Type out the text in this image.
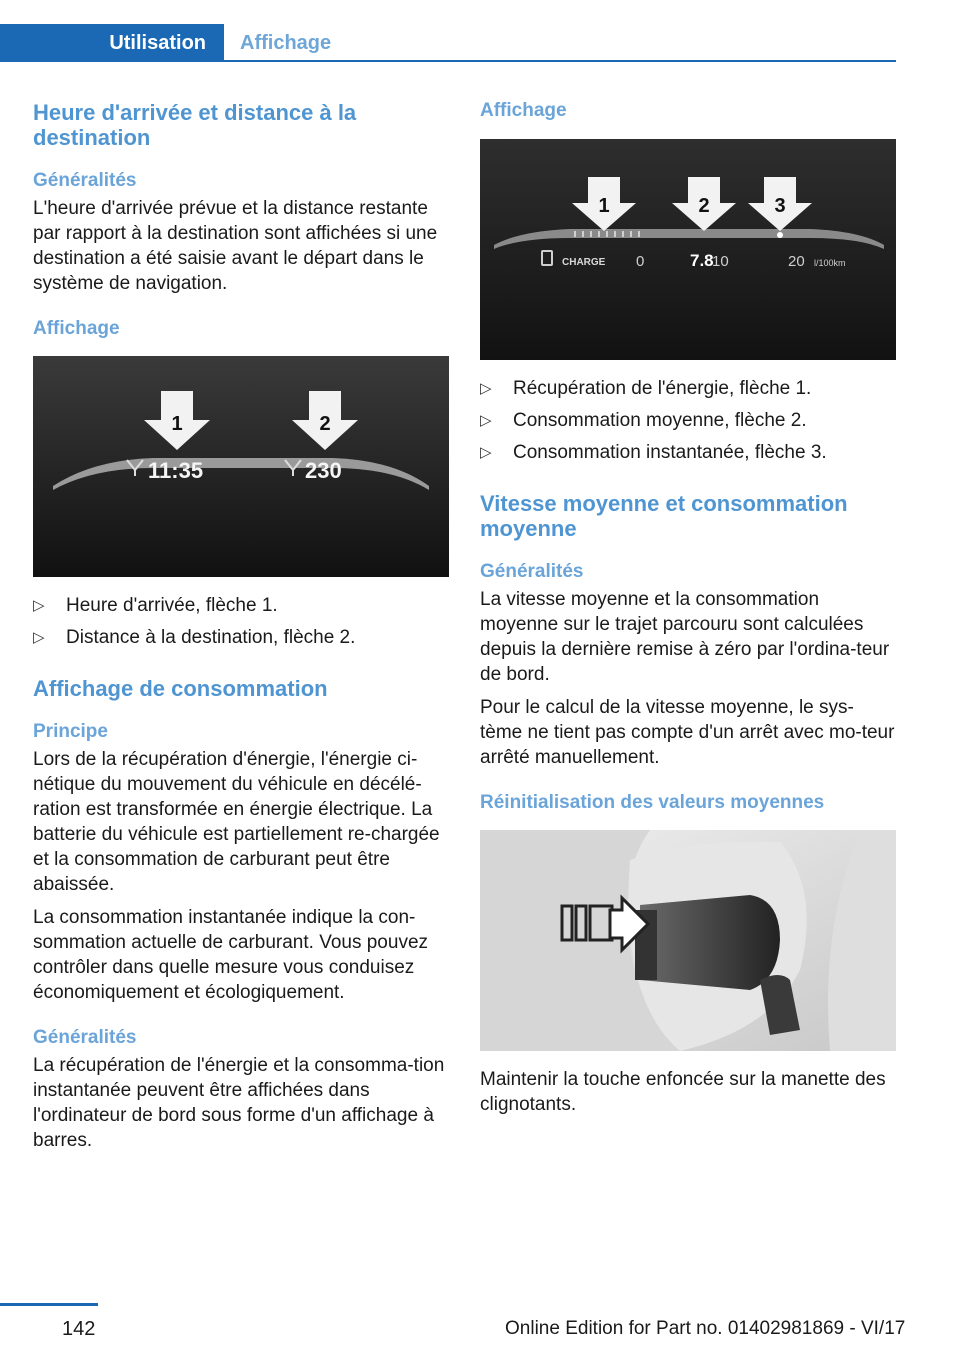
Utilisation	Affichage
Heure d'arrivée et distance à la destination
Généralités

L'heure d'arrivée prévue et la distance restante par rapport à la destination sont affichées si une destination a été saisie avant le départ dans le système de navigation.

Affichage
1	2
11:35	230
▷ Heure d'arrivée, flèche 1.
▷ Distance à la destination, flèche 2.
Affichage de consommation
Principe

Lors de la récupération d'énergie, l'énergie ci-nétique du mouvement du véhicule en décélé-ration est transformée en énergie électrique. La batterie du véhicule est partiellement re-chargée et la consommation de carburant peut être abaissée.

La consommation instantanée indique la con-sommation actuelle de carburant. Vous pouvez contrôler dans quelle mesure vous conduisez économiquement et écologiquement.

Généralités

La récupération de l'énergie et la consomma-tion instantanée peuvent être affichées dans l'ordinateur de bord sous forme d'un affichage à barres.

Affichage
1	2	3
CHARGE 0	7.8
10	20 l/100km
▷ Récupération de l'énergie, flèche 1.
▷ Consommation moyenne, flèche 2.
▷ Consommation instantanée, flèche 3.
Vitesse moyenne et consommation moyenne
Généralités

La vitesse moyenne et la consommation moyenne sur le trajet parcouru sont calculées depuis la dernière remise à zéro par l'ordina-teur de bord.

Pour le calcul de la vitesse moyenne, le sys-tème ne tient pas compte d'un arrêt avec mo-teur arrêté manuellement.

Réinitialisation des valeurs moyennes

Maintenir la touche enfoncée sur la manette des clignotants.

142	Online Edition for Part no. 01402981869 - VI/17
